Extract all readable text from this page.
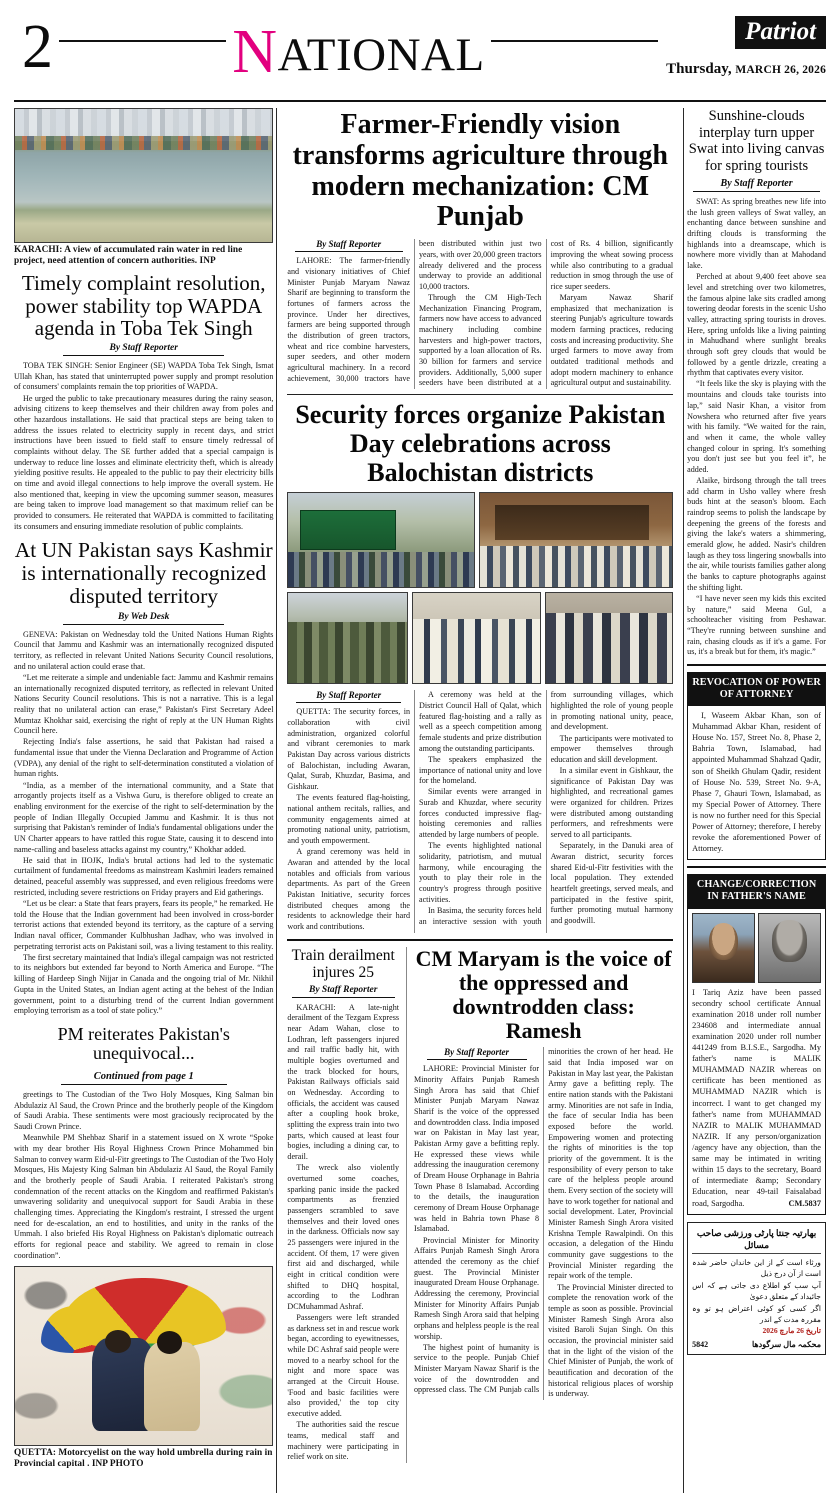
2	NATIONAL	Patriot
Thursday, MARCH 26, 2026
KARACHI: A view of accumulated rain water in red line project, need attention of concern authorities. INP
Timely complaint resolution, power stability top WAPDA agenda in Toba Tek Singh
By Staff Reporter

TOBA TEK SINGH: Senior Engineer (SE) WAPDA Toba Tek Singh, Ismat Ullah Khan, has stated that uninterrupted power supply and prompt resolution of consumers' complaints remain the top priorities of WAPDA.

He urged the public to take precautionary measures during the rainy season, advising citizens to keep themselves and their children away from poles and other hazardous installations. He said that practical steps are being taken to address the issues related to electricity supply in recent days, and strict instructions have been issued to field staff to ensure timely redressal of complaints without delay. The SE further added that a special campaign is underway to reduce line losses and eliminate electricity theft, which is already yielding positive results. He appealed to the public to pay their electricity bills on time and avoid illegal connections to help improve the overall system. He also mentioned that, keeping in view the upcoming summer season, measures are being taken to improve load management so that maximum relief can be provided to consumers. He reiterated that WAPDA is committed to facilitating its consumers and ensuring immediate resolution of public complaints.

At UN Pakistan says Kashmir is internationally recognized disputed territory
By Web Desk

GENEVA: Pakistan on Wednesday told the United Nations Human Rights Council that Jammu and Kashmir was an internationally recognized disputed territory, as reflected in relevant United Nations Security Council resolutions, and no unilateral action could erase that.

“Let me reiterate a simple and undeniable fact: Jammu and Kashmir remains an internationally recognized disputed territory, as reflected in relevant United Nations Security Council resolutions. This is not a narrative. This is a legal reality that no unilateral action can erase,” Pakistan's First Secretary Adeel Mumtaz Khokhar said, exercising the right of reply at the UN Human Rights Council here.

Rejecting India's false assertions, he said that Pakistan had raised a fundamental issue that under the Vienna Declaration and Programme of Action (VDPA), any denial of the right to self-determination constituted a violation of human rights.

“India, as a member of the international community, and a State that arrogantly projects itself as a Vishwa Guru, is therefore obliged to create an enabling environment for the exercise of the right to self-determination by the people of Indian Illegally Occupied Jammu and Kashmir. It is thus not surprising that Pakistan's reminder of India's fundamental obligations under the UN Charter appears to have rattled this rogue State, causing it to descend into name-calling and baseless attacks against my country,” Khokhar added.

He said that in IIOJK, India's brutal actions had led to the systematic curtailment of fundamental freedoms as mainstream Kashmiri leaders remained detained, peaceful assembly was suppressed, and even religious freedoms were restricted, including severe restrictions on Friday prayers and Eid gatherings.

“Let us be clear: a State that fears prayers, fears its people,” he remarked. He told the House that the Indian government had been involved in cross-border terrorist actions that extended beyond its territory, as the capture of a serving Indian naval officer, Commander Kulbhushan Jadhav, who was involved in perpetrating terrorist acts on Pakistani soil, was a living testament to this reality.

The first secretary maintained that India's illegal campaign was not restricted to its neighbors but extended far beyond to North America and Europe. “The killing of Hardeep Singh Nijjar in Canada and the ongoing trial of Mr. Nikhil Gupta in the United States, an Indian agent acting at the behest of the Indian government, point to a disturbing trend of the current Indian government employing terrorism as a tool of state policy.”

PM reiterates Pakistan's unequivocal...
Continued from page 1

greetings to The Custodian of the Two Holy Mosques, King Salman bin Abdulaziz Al Saud, the Crown Prince and the brotherly people of the Kingdom of Saudi Arabia. These sentiments were most graciously reciprocated by the Saudi Crown Prince.

Meanwhile PM Shehbaz Sharif in a statement issued on X wrote “Spoke with my dear brother His Royal Highness Crown Prince Mohammed bin Salman to convey warm Eid-ul-Fitr greetings to The Custodian of the Two Holy Mosques, His Majesty King Salman bin Abdulaziz Al Saud, the Royal Family and the brotherly people of Saudi Arabia. I reiterated Pakistan's strong condemnation of the recent attacks on the Kingdom and reaffirmed Pakistan's unwavering solidarity and unequivocal support for Saudi Arabia in these challenging times. Appreciating the Kingdom's restraint, I stressed the urgent need for de-escalation, an end to hostilities, and unity in the ranks of the Ummah. I also briefed His Royal Highness on Pakistan's diplomatic outreach efforts for regional peace and stability. We agreed to remain in close coordination”.

QUETTA: Motorcyelist on the way hold umbrella during rain in Provincial capital . INP PHOTO
Farmer-Friendly vision transforms agriculture through modern mechanization: CM Punjab
By Staff Reporter

LAHORE: The farmer-friendly and visionary initiatives of Chief Minister Punjab Maryam Nawaz Sharif are beginning to transform the fortunes of farmers across the province. Under her directives, farmers are being supported through the distribution of green tractors, wheat and rice combine harvesters, super seeders, and other modern agricultural machinery. In a record achievement, 30,000 tractors have been distributed within just two years, with over 20,000 green tractors already delivered and the process underway to provide an additional 10,000 tractors.

Through the CM High-Tech Mechanization Financing Program, farmers now have access to advanced machinery including combine harvesters and high-power tractors, supported by a loan allocation of Rs. 30 billion for farmers and service providers. Additionally, 5,000 super seeders have been distributed at a cost of Rs. 4 billion, significantly improving the wheat sowing process while also contributing to a gradual reduction in smog through the use of rice super seeders.

Maryam Nawaz Sharif emphasized that mechanization is steering Punjab's agriculture towards modern farming practices, reducing costs and increasing productivity. She urged farmers to move away from outdated traditional methods and adopt modern machinery to enhance agricultural output and sustainability.

Security forces organize Pakistan Day celebrations across Balochistan districts
By Staff Reporter

QUETTA: The security forces, in collaboration with civil administration, organized colorful and vibrant ceremonies to mark Pakistan Day across various districts of Balochistan, including Awaran, Qalat, Surab, Khuzdar, Basima, and Gishkaur.

The events featured flag-hoisting, national anthem recitals, rallies, and community engagements aimed at promoting national unity, patriotism, and youth empowerment.

A grand ceremony was held in Awaran and attended by the local notables and officials from various departments. As part of the Green Pakistan Initiative, security forces distributed cheques among the residents to acknowledge their hard work and contributions.

A ceremony was held at the District Council Hall of Qalat, which featured flag-hoisting and a rally as well as a speech competition among female students and prize distribution among the outstanding participants.

The speakers emphasized the importance of national unity and love for the homeland.

Similar events were arranged in Surab and Khuzdar, where security forces conducted impressive flag-hoisting ceremonies and rallies attended by large numbers of people.

The events highlighted national solidarity, patriotism, and mutual harmony, while encouraging the youth to play their role in the country's progress through positive activities.

In Basima, the security forces held an interactive session with youth from surrounding villages, which highlighted the role of young people in promoting national unity, peace, and development.

The participants were motivated to empower themselves through education and skill development.

In a similar event in Gishkaur, the significance of Pakistan Day was highlighted, and recreational games were organized for children. Prizes were distributed among outstanding performers, and refreshments were served to all participants.

Separately, in the Danuki area of Awaran district, security forces shared Eid-ul-Fitr festivities with the local population. They extended heartfelt greetings, served meals, and participated in the festive spirit, further promoting mutual harmony and goodwill.

Train derailment injures 25
By Staff Reporter

KARACHI: A late-night derailment of the Tezgam Express near Adam Wahan, close to Lodhran, left passengers injured and rail traffic badly hit, with multiple bogies overturned and the track blocked for hours, Pakistan Railways officials said on Wednesday. According to officials, the accident was caused after a coupling hook broke, splitting the express train into two parts, which caused at least four bogies, including a dining car, to derail.

The wreck also violently overturned some coaches, sparking panic inside the packed compartments as frenzied passengers scrambled to save themselves and their loved ones in the darkness. Officials now say 25 passengers were injured in the accident. Of them, 17 were given first aid and discharged, while eight in critical condition were shifted to DHQ hospital, according to the Lodhran DCMuhammad Ashraf.

Passengers were left stranded as darkness set in and rescue work began, according to eyewitnesses, while DC Ashraf said people were moved to a nearby school for the night and more space was arranged at the Circuit House. 'Food and basic facilities were also provided,' the top city executive added.

The authorities said the rescue teams, medical staff and machinery were participating in relief work on site.

CM Maryam is the voice of the oppressed and downtrodden class: Ramesh
By Staff Reporter

LAHORE: Provincial Minister for Minority Affairs Punjab Ramesh Singh Arora has said that Chief Minister Punjab Maryam Nawaz Sharif is the voice of the oppressed and downtrodden class. India imposed war on Pakistan in May last year, Pakistan Army gave a befitting reply. He expressed these views while addressing the inauguration ceremony of Dream House Orphanage in Bahria Town Phase 8 Islamabad. According to the details, the inauguration ceremony of Dream House Orphanage was held in Bahria town Phase 8 Islamabad.

Provincial Minister for Minority Affairs Punjab Ramesh Singh Arora attended the ceremony as the chief guest. The Provincial Minister inaugurated Dream House Orphanage. Addressing the ceremony, Provincial Minister for Minority Affairs Punjab Ramesh Singh Arora said that helping orphans and helpless people is the real worship.

The highest point of humanity is service to the people. Punjab Chief Minister Maryam Nawaz Sharif is the voice of the downtrodden and oppressed class. The CM Punjab calls minorities the crown of her head. He said that India imposed war on Pakistan in May last year, the Pakistan Army gave a befitting reply. The entire nation stands with the Pakistani army. Minorities are not safe in India, the face of secular India has been exposed before the world. Empowering women and protecting the rights of minorities is the top priority of the government. It is the responsibility of every person to take care of the helpless people around them. Every section of the society will have to work together for national and social development. Later, Provincial Minister Ramesh Singh Arora visited Krishna Temple Rawalpindi. On this occasion, a delegation of the Hindu community gave suggestions to the Provincial Minister regarding the repair work of the temple.

The Provincial Minister directed to complete the renovation work of the temple as soon as possible. Provincial Minister Ramesh Singh Arora also visited Baroli Sujan Singh. On this occasion, the provincial minister said that in the light of the vision of the Chief Minister of Punjab, the work of beautification and decoration of the historical religious places of worship is underway.

Sunshine-clouds interplay turn upper Swat into living canvas for spring tourists
By Staff Reporter

SWAT: As spring breathes new life into the lush green valleys of Swat valley, an enchanting dance between sunshine and drifting clouds is transforming the highlands into a dreamscape, which is nowhere more vividly than at Mahodand lake.

Perched at about 9,400 feet above sea level and stretching over two kilometres, the famous alpine lake sits cradled among towering deodar forests in the scenic Usho valley, attracting spring tourists in droves. Here, spring unfolds like a living painting in Mahudhand where sunlight breaks through soft grey clouds that would be followed by a gentle drizzle, creating a rhythm that captivates every visitor.

“It feels like the sky is playing with the mountains and clouds take tourists into lap,” said Nasir Khan, a visitor from Nowshera who returned after five years with his family. “We waited for the rain, and when it came, the whole valley changed colour in spring. It's something you don't just see but you feel it”, he added.

Alaike, birdsong through the tall trees add charm in Usho valley where fresh buds hint at the season's bloom. Each raindrop seems to polish the landscape by deepening the greens of the forests and giving the lake's waters a shimmering, emerald glow, he added. Nasir's children laugh as they toss lingering snowballs into the air, while tourists families gather along the banks to capture photographs against the shifting light.

“I have never seen my kids this excited by nature,” said Meena Gul, a schoolteacher visiting from Peshawar. “They're running between sunshine and rain, chasing clouds as if it's a game. For us, it's a break but for them, it's magic.”

REVOCATION OF POWER OF ATTORNEY

I, Waseem Akbar Khan, son of Muhammad Akbar Khan, resident of House No. 157, Street No. 8, Phase 2, Bahria Town, Islamabad, had appointed Muhammad Shahzad Qadir, son of Sheikh Ghulam Qadir, resident of House No. 539, Street No. 9-A, Phase 7, Ghauri Town, Islamabad, as my Special Power of Attorney. There is now no further need for this Special Power of Attorney; therefore, I hereby revoke the aforementioned Power of Attorney.

CHANGE/CORRECTION IN FATHER'S NAME

I Tariq Aziz have been passed secondry school certificate Annual examination 2018 under roll number 234608 and intermediate annual examination 2020 under roll number 441249 from B.I.S.E., Sargodha. My father's name is MALIK MUHAMMAD NAZIR whereas on certificate has been mentioned as MUHAMMAD NAZIR which is incorrect. I want to get changed my father's name from MUHAMMAD NAZIR to MALIK MUHAMMAD NAZIR. If any person/organization /agency have any objection, than the same may be intimated in writing within 15 days to the secretary, Board of intermediate &amp; Secondary Education, near 49-tail Faisalabad road, Sargodha.	CM.5837

بھارتیہ جنتا پارٹی ورزشی صاحب مسائل
ورثاء است کے از این خاندان حاضر شدہ است از آن درج ذیل
آپ سب کو اطلاع دی جاتی ہے کہ اس جائیداد کے متعلق دعویٰ
اگر کسی کو کوئی اعتراض ہو تو وہ مقررہ مدت کے اندر
تاریخ 26 مارچ 2026
5842	محکمہ مال سرگودھا
